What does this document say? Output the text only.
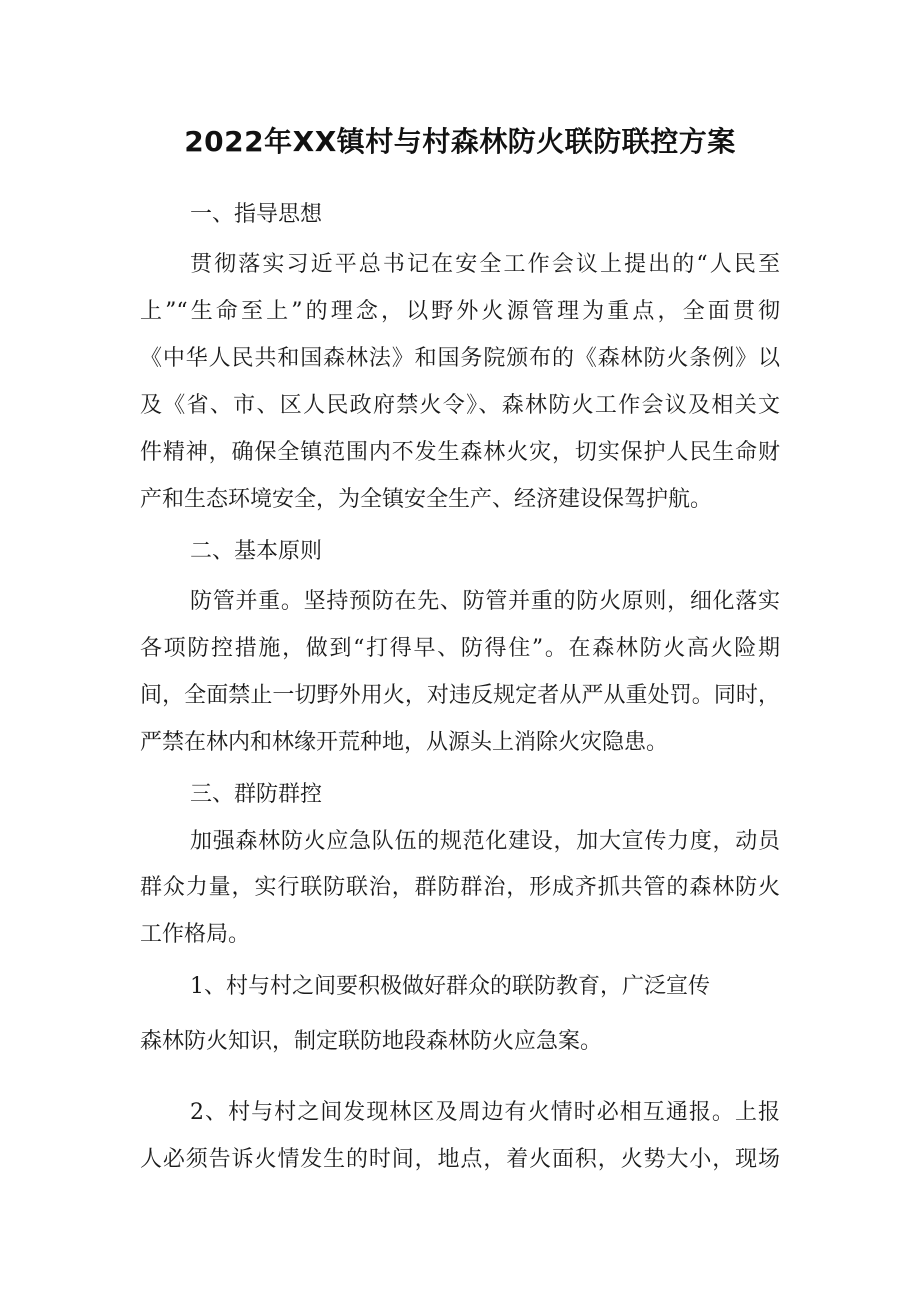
2022年XX镇村与村森林防火联防联控方案
一、指导思想
贯彻落实习近平总书记在安全工作会议上提出的“人民至
上”“生命至上”的理念，以野外火源管理为重点，全面贯彻
《中华人民共和国森林法》和国务院颁布的《森林防火条例》以
及《省、市、区人民政府禁火令》、森林防火工作会议及相关文
件精神，确保全镇范围内不发生森林火灾，切实保护人民生命财
产和生态环境安全，为全镇安全生产、经济建设保驾护航。
二、基本原则
防管并重。坚持预防在先、防管并重的防火原则，细化落实
各项防控措施，做到“打得早、防得住”。在森林防火高火险期
间，全面禁止一切野外用火，对违反规定者从严从重处罚。同时，
严禁在林内和林缘开荒种地，从源头上消除火灾隐患。
三、群防群控
加强森林防火应急队伍的规范化建设，加大宣传力度，动员
群众力量，实行联防联治，群防群治，形成齐抓共管的森林防火
工作格局。
1、村与村之间要积极做好群众的联防教育，广泛宣传
森林防火知识，制定联防地段森林防火应急案。
2、村与村之间发现林区及周边有火情时必相互通报。上报
人必须告诉火情发生的时间，地点，着火面积，火势大小，现场
